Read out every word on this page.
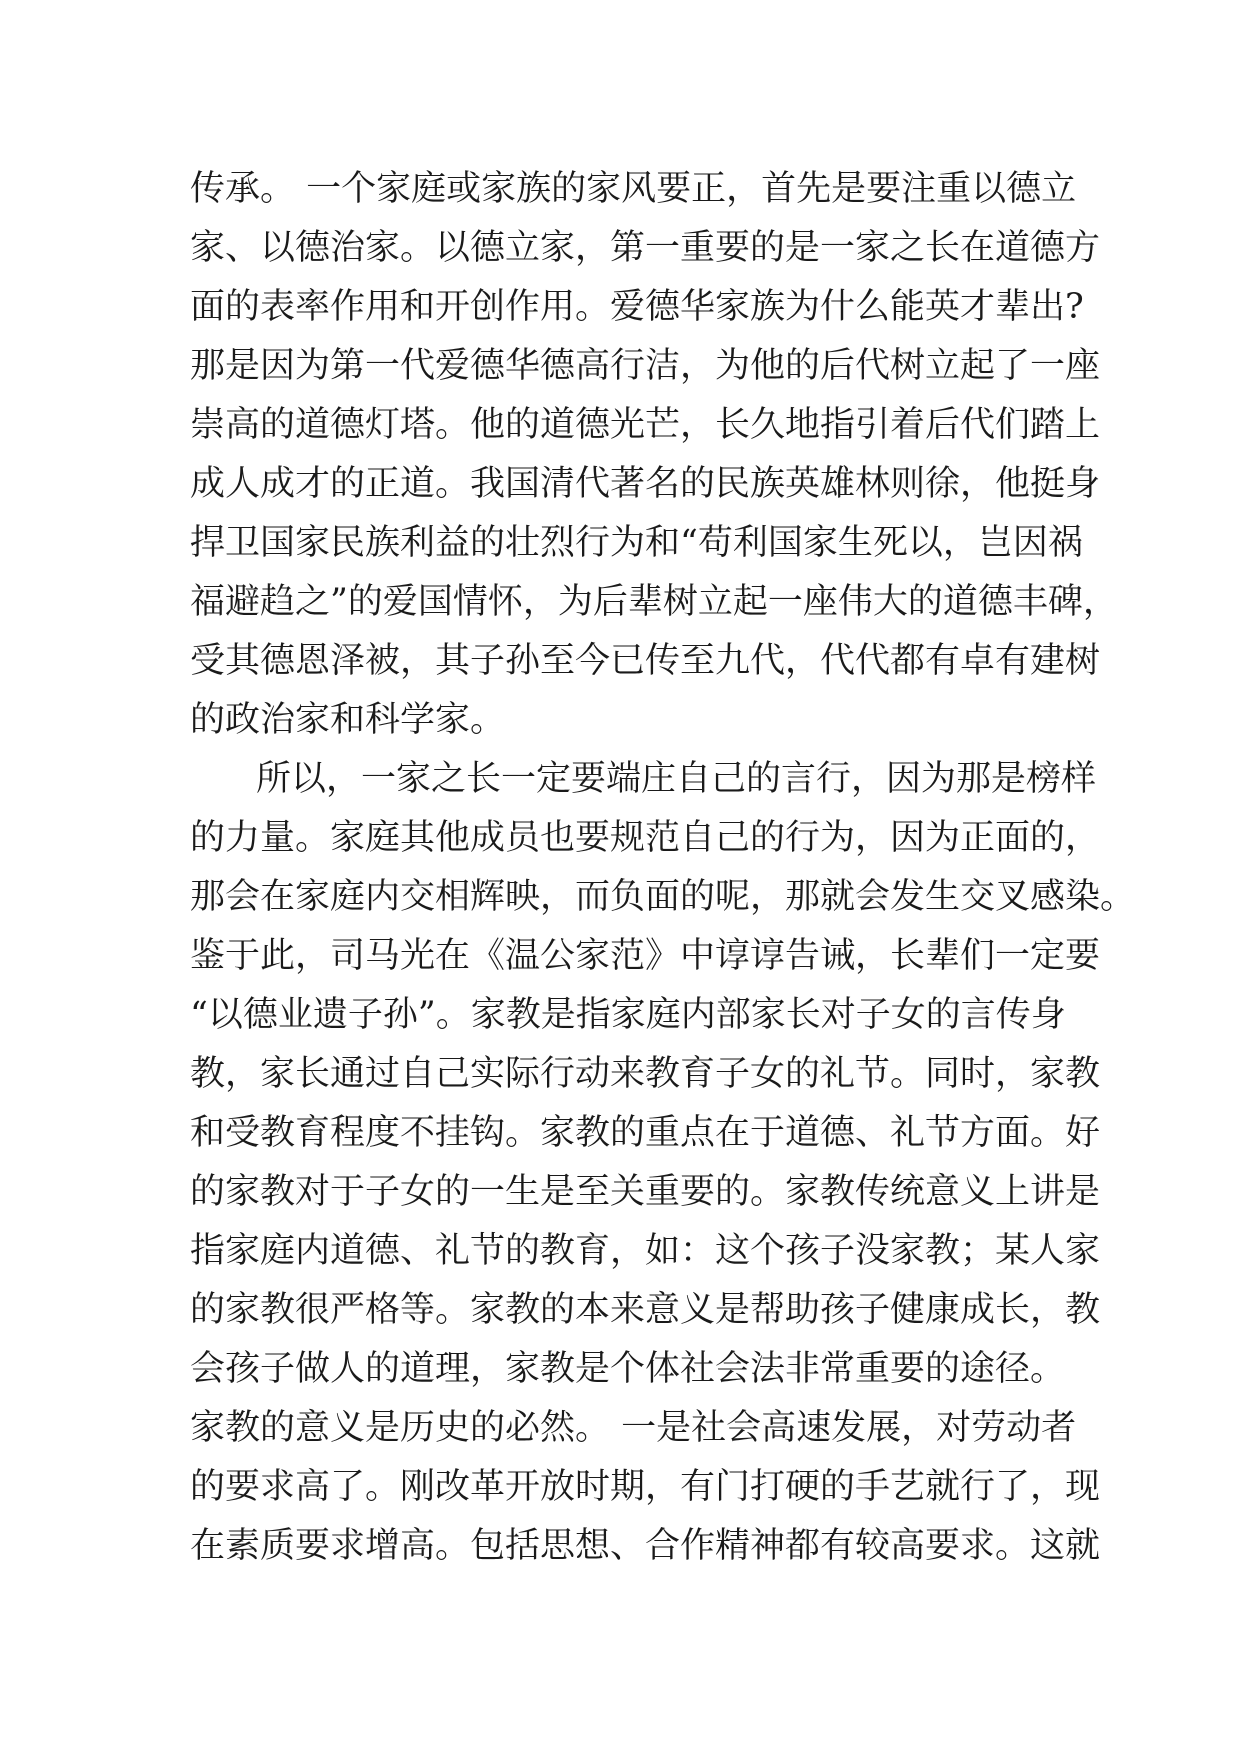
传承。 一个家庭或家族的家风要正，首先是要注重以德立
家、以德治家。以德立家，第一重要的是一家之长在道德方
面的表率作用和开创作用。爱德华家族为什么能英才辈出?
那是因为第一代爱德华德高行洁，为他的后代树立起了一座
崇高的道德灯塔。他的道德光芒，长久地指引着后代们踏上
成人成才的正道。我国清代著名的民族英雄林则徐，他挺身
捍卫国家民族利益的壮烈行为和“苟利国家生死以，岂因祸
福避趋之”的爱国情怀，为后辈树立起一座伟大的道德丰碑，
受其德恩泽被，其子孙至今已传至九代，代代都有卓有建树
的政治家和科学家。
所以，一家之长一定要端庄自己的言行，因为那是榜样
的力量。家庭其他成员也要规范自己的行为，因为正面的，
那会在家庭内交相辉映，而负面的呢，那就会发生交叉感染。
鉴于此，司马光在《温公家范》中谆谆告诫，长辈们一定要
“以德业遗子孙”。家教是指家庭内部家长对子女的言传身
教，家长通过自己实际行动来教育子女的礼节。同时，家教
和受教育程度不挂钩。家教的重点在于道德、礼节方面。好
的家教对于子女的一生是至关重要的。家教传统意义上讲是
指家庭内道德、礼节的教育，如：这个孩子没家教；某人家
的家教很严格等。家教的本来意义是帮助孩子健康成长，教
会孩子做人的道理，家教是个体社会法非常重要的途径。
家教的意义是历史的必然。 一是社会高速发展，对劳动者
的要求高了。刚改革开放时期，有门打硬的手艺就行了，现
在素质要求增高。包括思想、合作精神都有较高要求。这就
